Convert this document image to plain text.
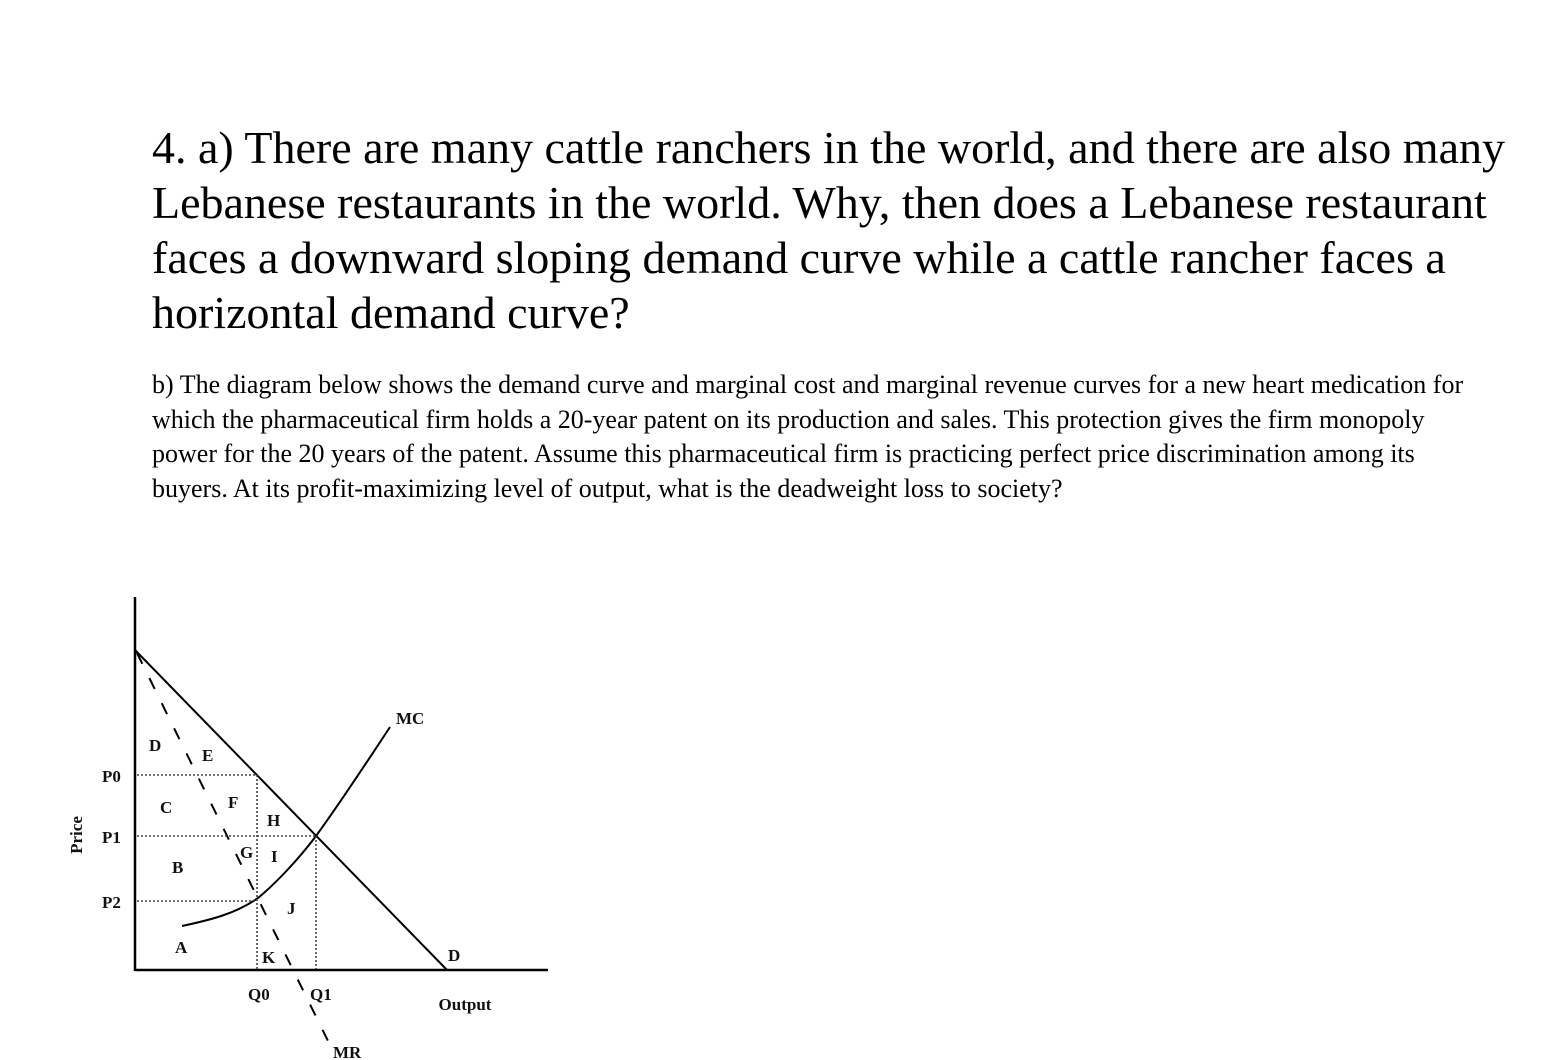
4. a) There are many cattle ranchers in the world, and there are also many Lebanese restaurants in the world. Why, then does a Lebanese restaurant faces a downward sloping demand curve while a cattle rancher faces a horizontal demand curve?

b) The diagram below shows the demand curve and marginal cost and marginal revenue curves for a new heart medication for which the pharmaceutical firm holds a 20-year patent on its production and sales. This protection gives the firm monopoly power for the 20 years of the patent. Assume this pharmaceutical firm is practicing perfect price discrimination among its buyers. At its profit-maximizing level of output, what is the deadweight loss to society?

Price
Output
P0
P1
P2
Q0 Q1
MC
D
MR
A
B
C
D
E
F
G
H
I
J
K
